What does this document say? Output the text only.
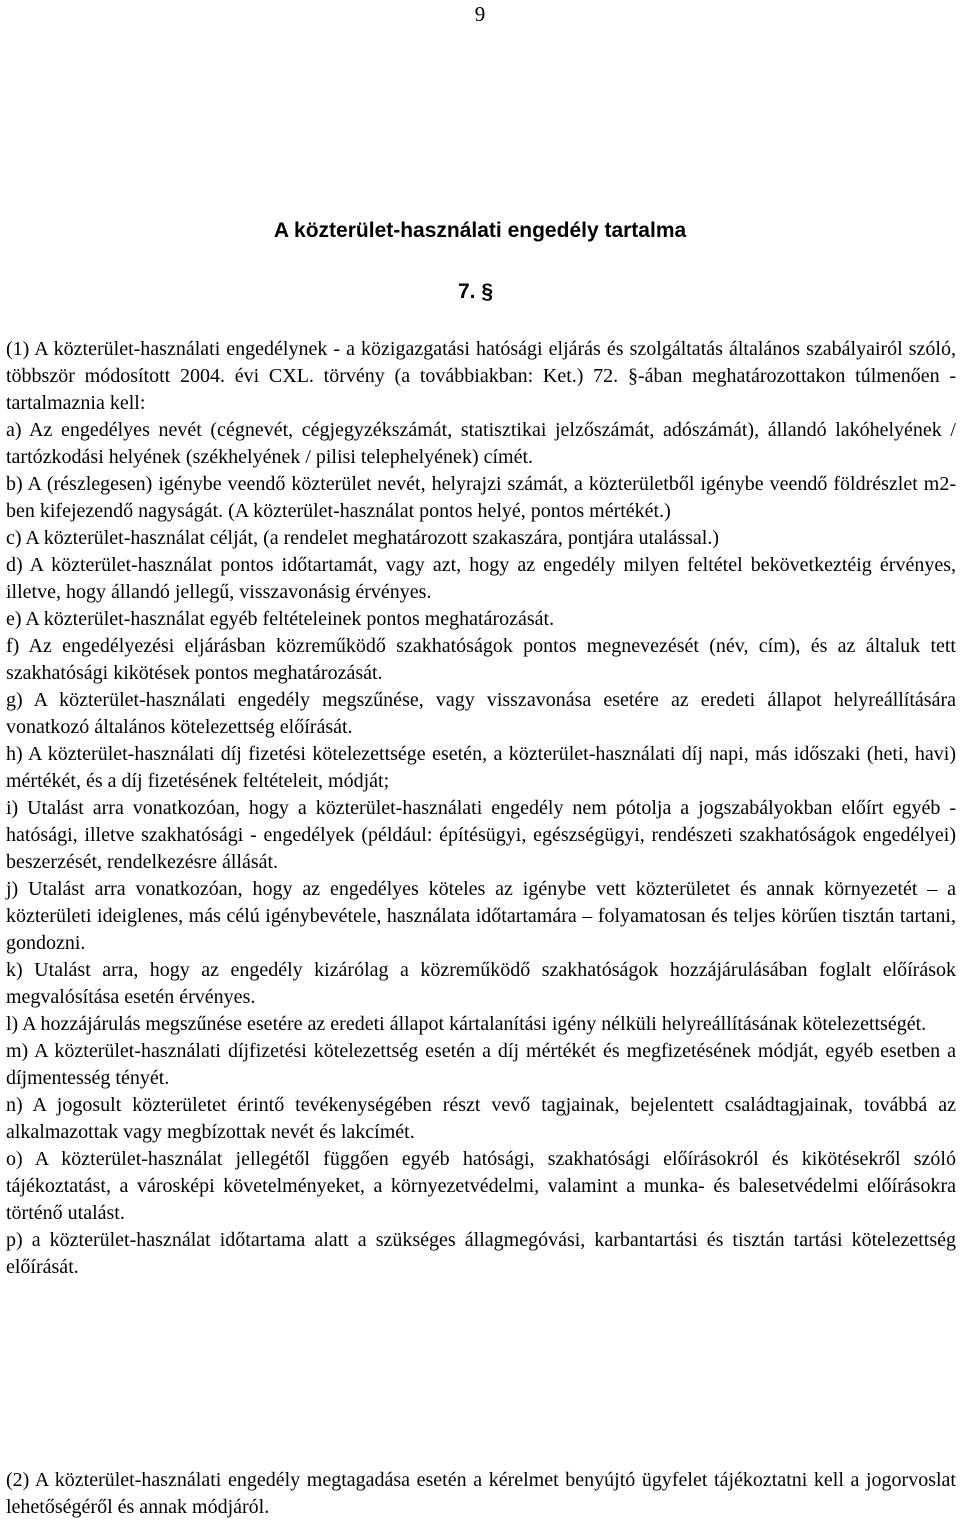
9
A közterület-használati engedély tartalma
7. §

(1) A közterület-használati engedélynek - a közigazgatási hatósági eljárás és szolgáltatás általános szabályairól szóló, többször módosított 2004. évi CXL. törvény (a továbbiakban: Ket.) 72. §-ában meghatározottakon túlmenően - tartalmaznia kell:

a) Az engedélyes nevét (cégnevét, cégjegyzékszámát, statisztikai jelzőszámát, adószámát), állandó lakóhelyének / tartózkodási helyének (székhelyének / pilisi telephelyének) címét.

b) A (részlegesen) igénybe veendő közterület nevét, helyrajzi számát, a közterületből igénybe veendő földrészlet m2-ben kifejezendő nagyságát. (A közterület-használat pontos helyé, pontos mértékét.)

c) A közterület-használat célját, (a rendelet meghatározott szakaszára, pontjára utalással.)

d) A közterület-használat pontos időtartamát, vagy azt, hogy az engedély milyen feltétel bekövetkeztéig érvényes, illetve, hogy állandó jellegű, visszavonásig érvényes.

e) A közterület-használat egyéb feltételeinek pontos meghatározását.

f) Az engedélyezési eljárásban közreműködő szakhatóságok pontos megnevezését (név, cím), és az általuk tett szakhatósági kikötések pontos meghatározását.

g) A közterület-használati engedély megszűnése, vagy visszavonása esetére az eredeti állapot helyreállítására vonatkozó általános kötelezettség előírását.

h) A közterület-használati díj fizetési kötelezettsége esetén, a közterület-használati díj napi, más időszaki (heti, havi) mértékét, és a díj fizetésének feltételeit, módját;

i) Utalást arra vonatkozóan, hogy a közterület-használati engedély nem pótolja a jogszabályokban előírt egyéb - hatósági, illetve szakhatósági - engedélyek (például: építésügyi, egészségügyi, rendészeti szakhatóságok engedélyei) beszerzését, rendelkezésre állását.

j) Utalást arra vonatkozóan, hogy az engedélyes köteles az igénybe vett közterületet és annak környezetét – a közterületi ideiglenes, más célú igénybevétele, használata időtartamára – folyamatosan és teljes körűen tisztán tartani, gondozni.

k) Utalást arra, hogy az engedély kizárólag a közreműködő szakhatóságok hozzájárulásában foglalt előírások megvalósítása esetén érvényes.

l) A hozzájárulás megszűnése esetére az eredeti állapot kártalanítási igény nélküli helyreállításának kötelezettségét.

m) A közterület-használati díjfizetési kötelezettség esetén a díj mértékét és megfizetésének módját, egyéb esetben a díjmentesség tényét.

n) A jogosult közterületet érintő tevékenységében részt vevő tagjainak, bejelentett családtagjainak, továbbá az alkalmazottak vagy megbízottak nevét és lakcímét.

o) A közterület-használat jellegétől függően egyéb hatósági, szakhatósági előírásokról és kikötésekről szóló tájékoztatást, a városképi követelményeket, a környezetvédelmi, valamint a munka- és balesetvédelmi előírásokra történő utalást.

p) a közterület-használat időtartama alatt a szükséges állagmegóvási, karbantartási és tisztán tartási kötelezettség előírását.

(2) A közterület-használati engedély megtagadása esetén a kérelmet benyújtó ügyfelet tájékoztatni kell a jogorvoslat lehetőségéről és annak módjáról.
